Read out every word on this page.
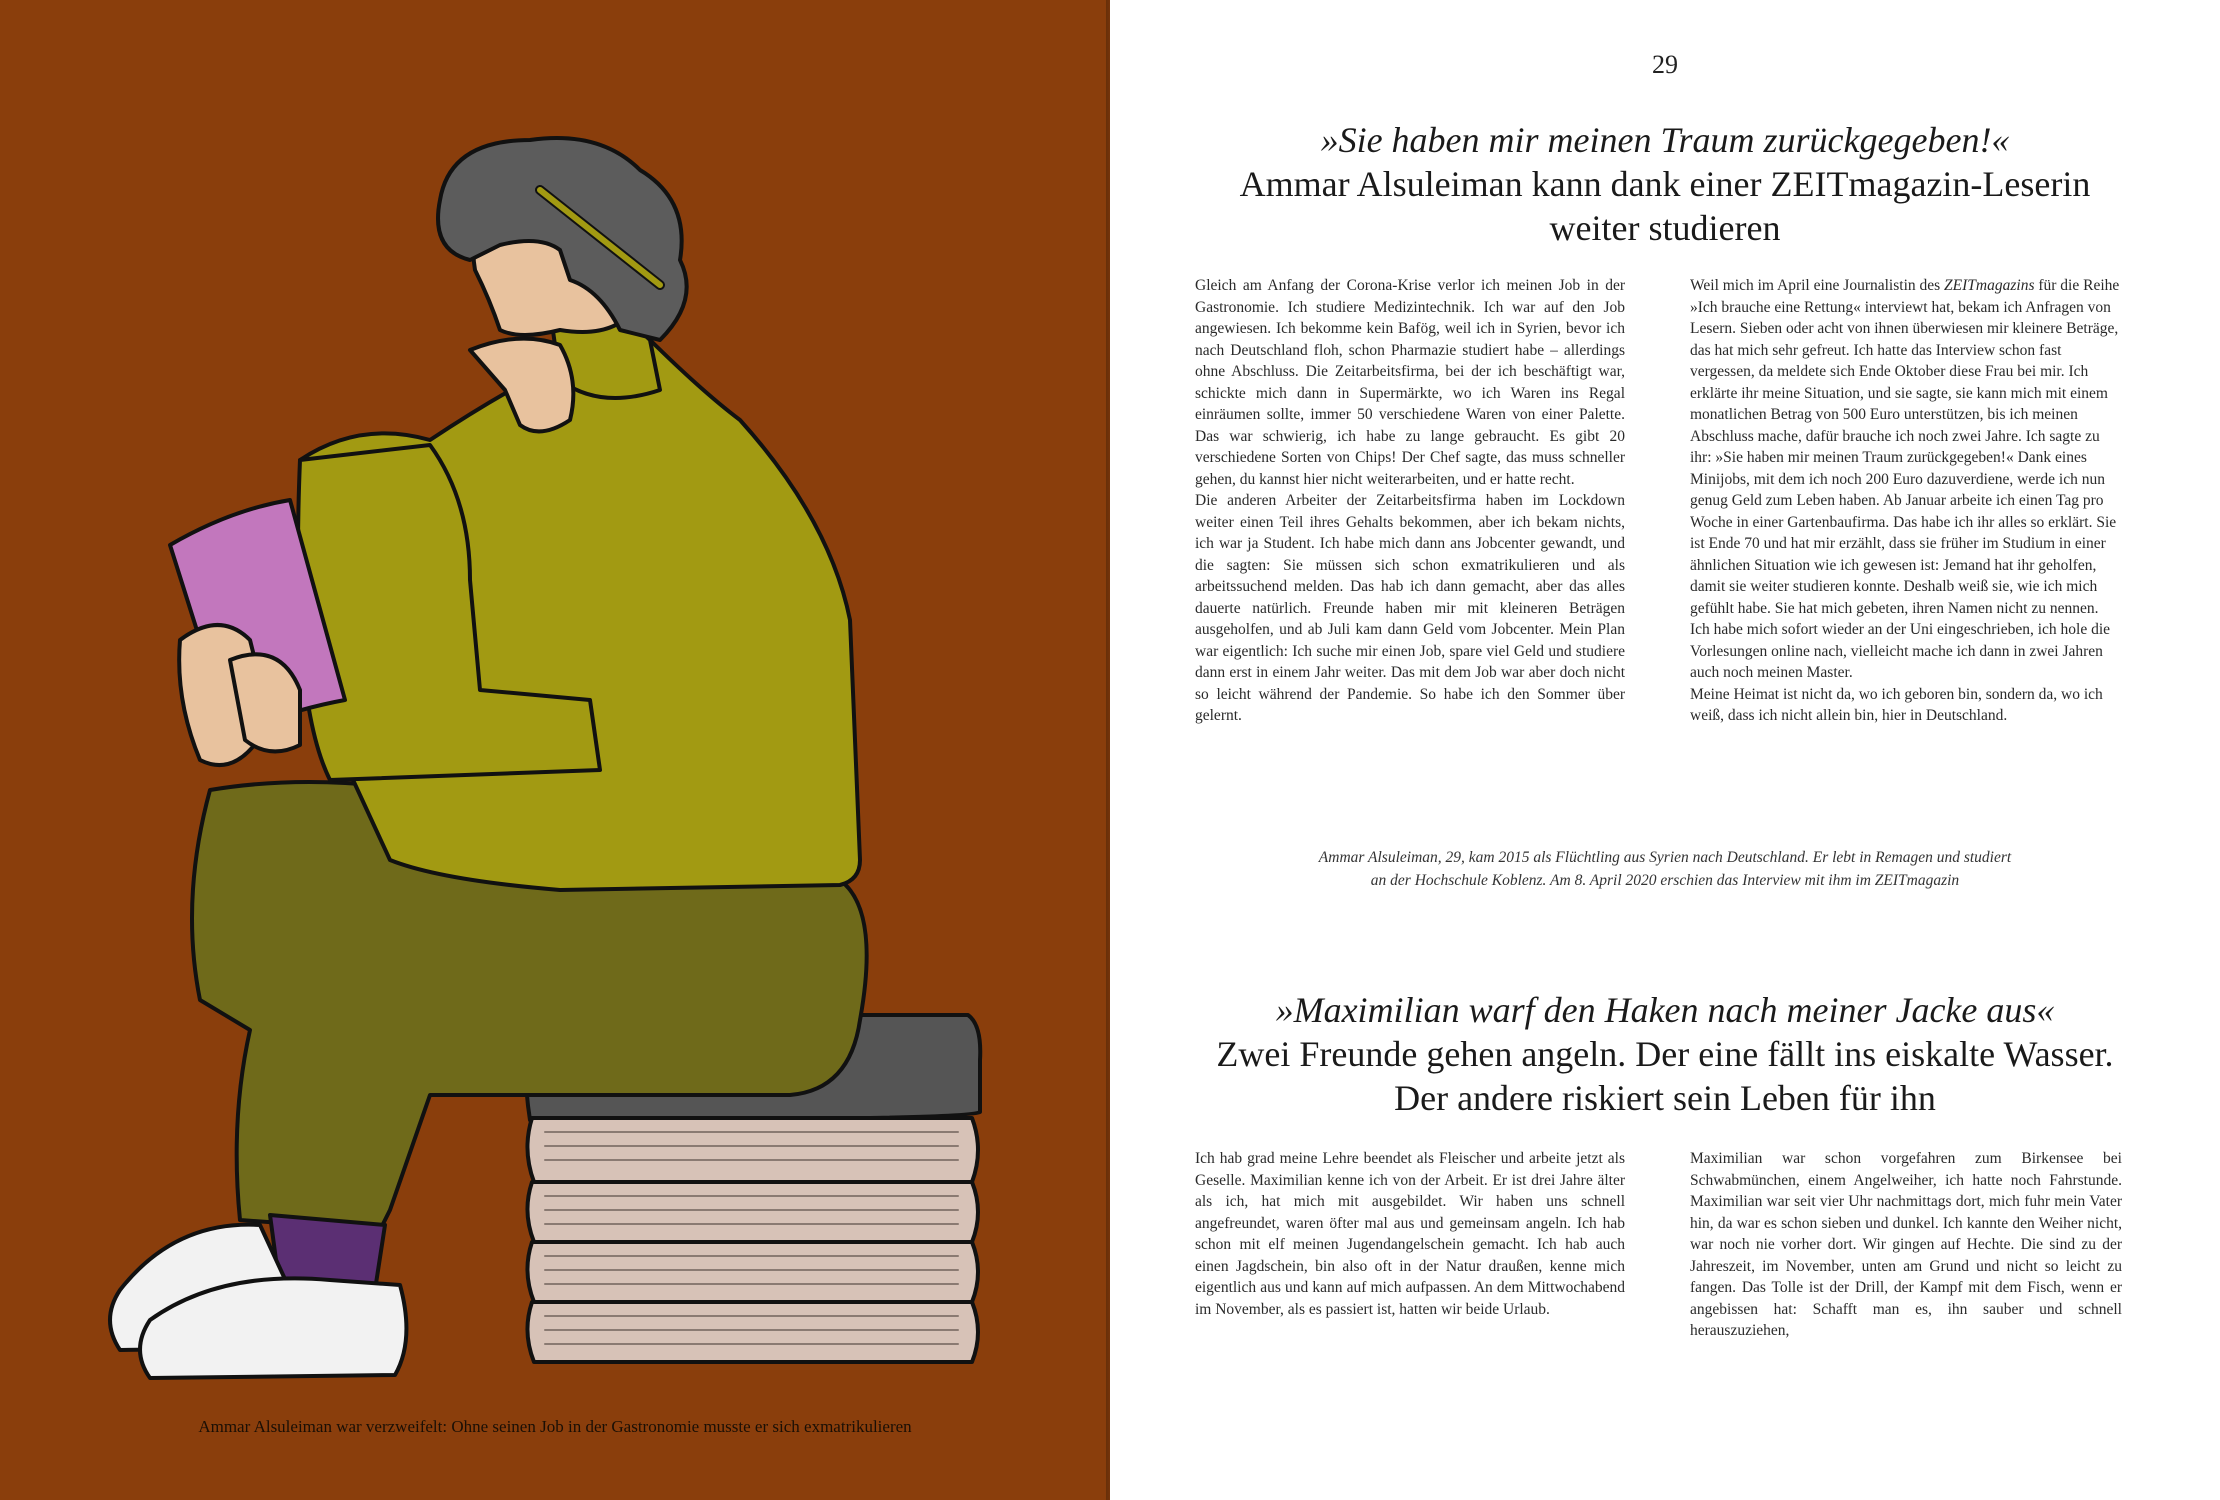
Ammar Alsuleiman war verzweifelt: Ohne seinen Job in der Gastronomie musste er sich exmatrikulieren
29
»Sie haben mir meinen Traum zurückgegeben!«
Ammar Alsuleiman kann dank einer ZEITmagazin-Leserin
weiter studieren

Gleich am Anfang der Corona-Krise verlor ich meinen Job in der Gastronomie. Ich studiere Medizintechnik. Ich war auf den Job angewiesen. Ich bekomme kein Bafög, weil ich in Syrien, bevor ich nach Deutschland floh, schon Pharmazie studiert habe – allerdings ohne Abschluss. Die Zeitarbeitsfirma, bei der ich beschäftigt war, schickte mich dann in Supermärkte, wo ich Waren ins Regal einräumen sollte, immer 50 verschiedene Waren von einer Palette. Das war schwierig, ich habe zu lange gebraucht. Es gibt 20 verschiedene Sorten von Chips! Der Chef sagte, das muss schneller gehen, du kannst hier nicht weiterarbeiten, und er hatte recht.

Die anderen Arbeiter der Zeitarbeitsfirma haben im Lockdown weiter einen Teil ihres Gehalts bekommen, aber ich bekam nichts, ich war ja Student. Ich habe mich dann ans Jobcenter gewandt, und die sagten: Sie müssen sich schon exmatrikulieren und als arbeitssuchend melden. Das hab ich dann gemacht, aber das alles dauerte natürlich. Freunde haben mir mit kleineren Beträgen ausgeholfen, und ab Juli kam dann Geld vom Jobcenter. Mein Plan war eigentlich: Ich suche mir einen Job, spare viel Geld und studiere dann erst in einem Jahr weiter. Das mit dem Job war aber doch nicht so leicht während der Pandemie. So habe ich den Sommer über gelernt.

Weil mich im April eine Journalistin des ZEITmagazins für die Reihe »Ich brauche eine Rettung« interviewt hat, bekam ich Anfragen von Lesern. Sieben oder acht von ihnen überwiesen mir kleinere Beträge, das hat mich sehr gefreut. Ich hatte das Interview schon fast vergessen, da meldete sich Ende Oktober diese Frau bei mir. Ich erklärte ihr meine Situation, und sie sagte, sie kann mich mit einem monatlichen Betrag von 500 Euro unterstützen, bis ich meinen Abschluss mache, dafür brauche ich noch zwei Jahre. Ich sagte zu ihr: »Sie haben mir meinen Traum zurückgegeben!« Dank eines Minijobs, mit dem ich noch 200 Euro dazuverdiene, werde ich nun genug Geld zum Leben haben. Ab Januar arbeite ich einen Tag pro Woche in einer Gartenbaufirma. Das habe ich ihr alles so erklärt. Sie ist Ende 70 und hat mir erzählt, dass sie früher im Studium in einer ähnlichen Situation wie ich gewesen ist: Jemand hat ihr geholfen, damit sie weiter studieren konnte. Deshalb weiß sie, wie ich mich gefühlt habe. Sie hat mich gebeten, ihren Namen nicht zu nennen. Ich habe mich sofort wieder an der Uni eingeschrieben, ich hole die Vorlesungen online nach, vielleicht mache ich dann in zwei Jahren auch noch meinen Master.

Meine Heimat ist nicht da, wo ich geboren bin, sondern da, wo ich weiß, dass ich nicht allein bin, hier in Deutschland.

Ammar Alsuleiman, 29, kam 2015 als Flüchtling aus Syrien nach Deutschland. Er lebt in Remagen und studiert
an der Hochschule Koblenz. Am 8. April 2020 erschien das Interview mit ihm im ZEITmagazin
»Maximilian warf den Haken nach meiner Jacke aus«
Zwei Freunde gehen angeln. Der eine fällt ins eiskalte Wasser.
Der andere riskiert sein Leben für ihn

Ich hab grad meine Lehre beendet als Fleischer und arbeite jetzt als Geselle. Maximilian kenne ich von der Arbeit. Er ist drei Jahre älter als ich, hat mich mit ausgebildet. Wir haben uns schnell angefreundet, waren öfter mal aus und gemeinsam angeln. Ich hab schon mit elf meinen Jugendangelschein gemacht. Ich hab auch einen Jagdschein, bin also oft in der Natur draußen, kenne mich eigentlich aus und kann auf mich aufpassen. An dem Mittwochabend im November, als es passiert ist, hatten wir beide Urlaub.

Maximilian war schon vorgefahren zum Birkensee bei Schwabmünchen, einem Angelweiher, ich hatte noch Fahrstunde. Maximilian war seit vier Uhr nachmittags dort, mich fuhr mein Vater hin, da war es schon sieben und dunkel. Ich kannte den Weiher nicht, war noch nie vorher dort. Wir gingen auf Hechte. Die sind zu der Jahreszeit, im November, unten am Grund und nicht so leicht zu fangen. Das Tolle ist der Drill, der Kampf mit dem Fisch, wenn er angebissen hat: Schafft man es, ihn sauber und schnell herauszuziehen,
